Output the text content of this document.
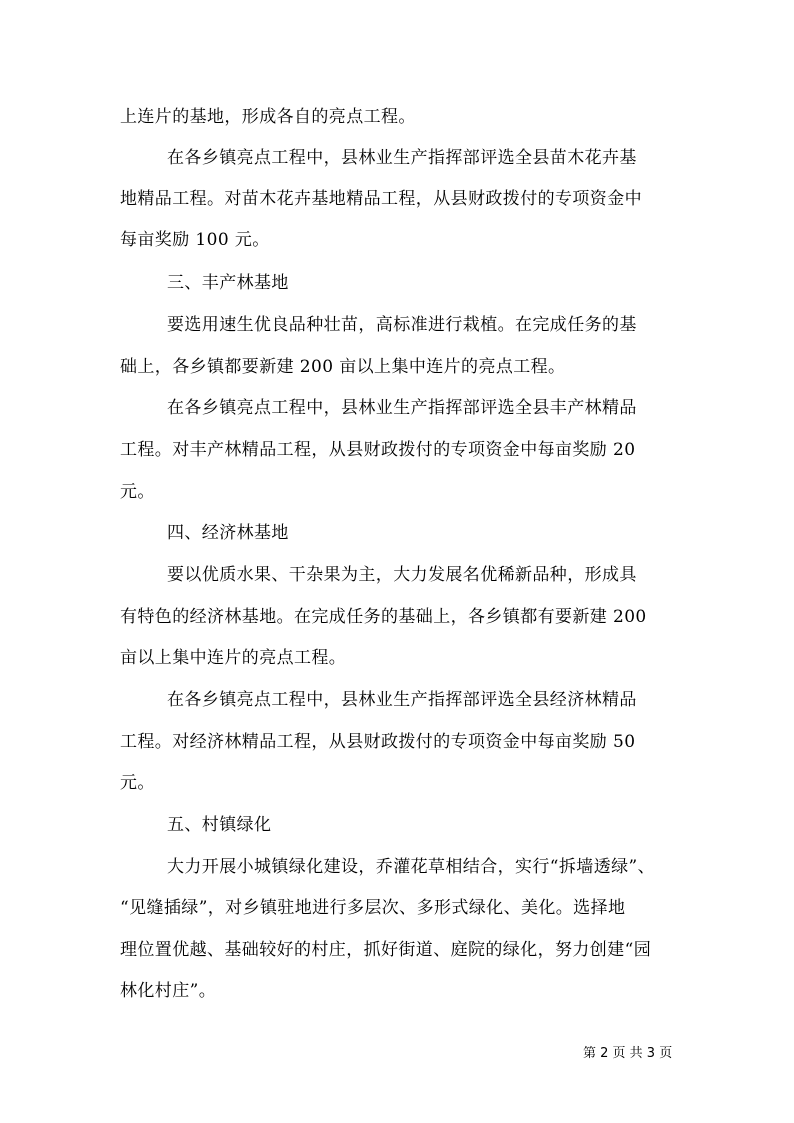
上连片的基地，形成各自的亮点工程。
在各乡镇亮点工程中，县林业生产指挥部评选全县苗木花卉基
地精品工程。对苗木花卉基地精品工程，从县财政拨付的专项资金中
每亩奖励 100 元。
三、丰产林基地
要选用速生优良品种壮苗，高标准进行栽植。在完成任务的基
础上，各乡镇都要新建 200 亩以上集中连片的亮点工程。
在各乡镇亮点工程中，县林业生产指挥部评选全县丰产林精品
工程。对丰产林精品工程，从县财政拨付的专项资金中每亩奖励 20
元。
四、经济林基地
要以优质水果、干杂果为主，大力发展名优稀新品种，形成具
有特色的经济林基地。在完成任务的基础上，各乡镇都有要新建 200
亩以上集中连片的亮点工程。
在各乡镇亮点工程中，县林业生产指挥部评选全县经济林精品
工程。对经济林精品工程，从县财政拨付的专项资金中每亩奖励 50
元。
五、村镇绿化
大力开展小城镇绿化建设，乔灌花草相结合，实行“拆墙透绿”、
“见缝插绿”，对乡镇驻地进行多层次、多形式绿化、美化。选择地
理位置优越、基础较好的村庄，抓好街道、庭院的绿化，努力创建“园
林化村庄”。
第 2 页 共 3 页
